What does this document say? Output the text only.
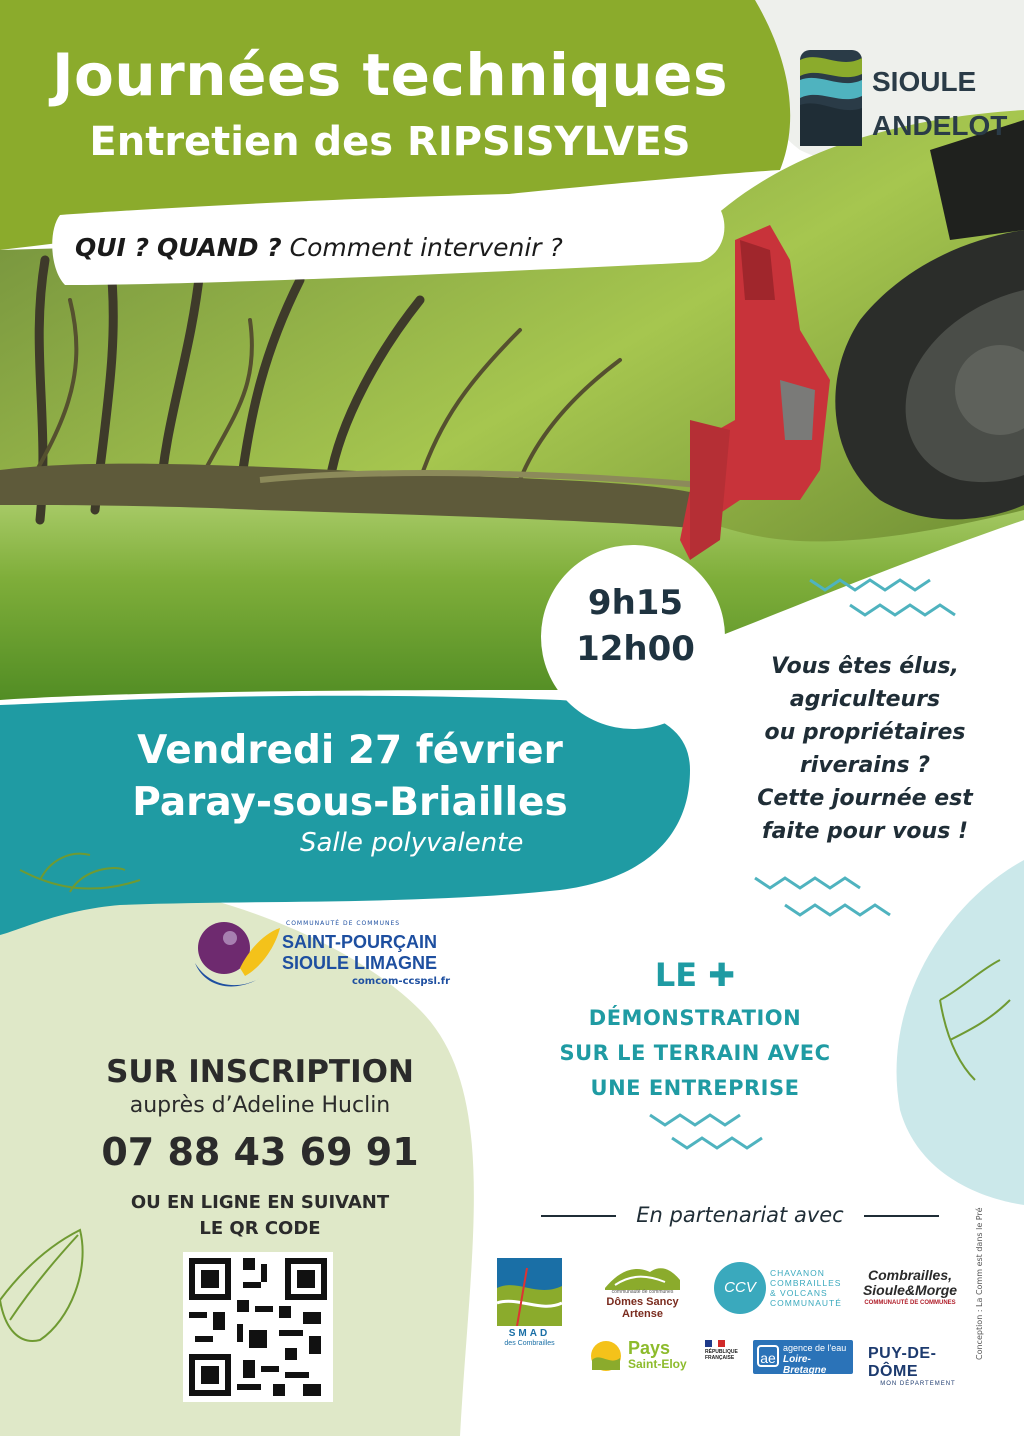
Journées techniques
Entretien des RIPSISYLVES
QUI ? QUAND ? Comment intervenir ?
SIOULE
ANDELOT
9h15
12h00
Vendredi 27 février
Paray-sous-Briailles
Salle polyvalente
Vous êtes élus,
agriculteurs
ou propriétaires
riverains ?
Cette journée est
faite pour vous !
COMMUNAUTÉ DE COMMUNES
SAINT-POURÇAIN
SIOULE LIMAGNE
comcom-ccspsl.fr	LE ✚
DÉMONSTRATION
SUR LE TERRAIN AVEC
UNE ENTREPRISE
SUR INSCRIPTION
auprès d’Adeline Huclin
07 88 43 69 91
OU EN LIGNE EN SUIVANT
LE QR CODE
En partenariat avec
SMAD
des Combrailles
communauté de communes
Dômes Sancy Artense
CCV
CHAVANON
COMBRAILLES
& VOLCANS
COMMUNAUTÉ
Combrailles,
Sioule&Morge
COMMUNAUTÉ DE COMMUNES
Pays
Saint-Eloy
RÉPUBLIQUE FRANÇAISE	ae
agence de l'eau
Loire-Bretagne
PUY-DE-DÔME
MON DÉPARTEMENT
Conception : La Comm est dans le Pré
